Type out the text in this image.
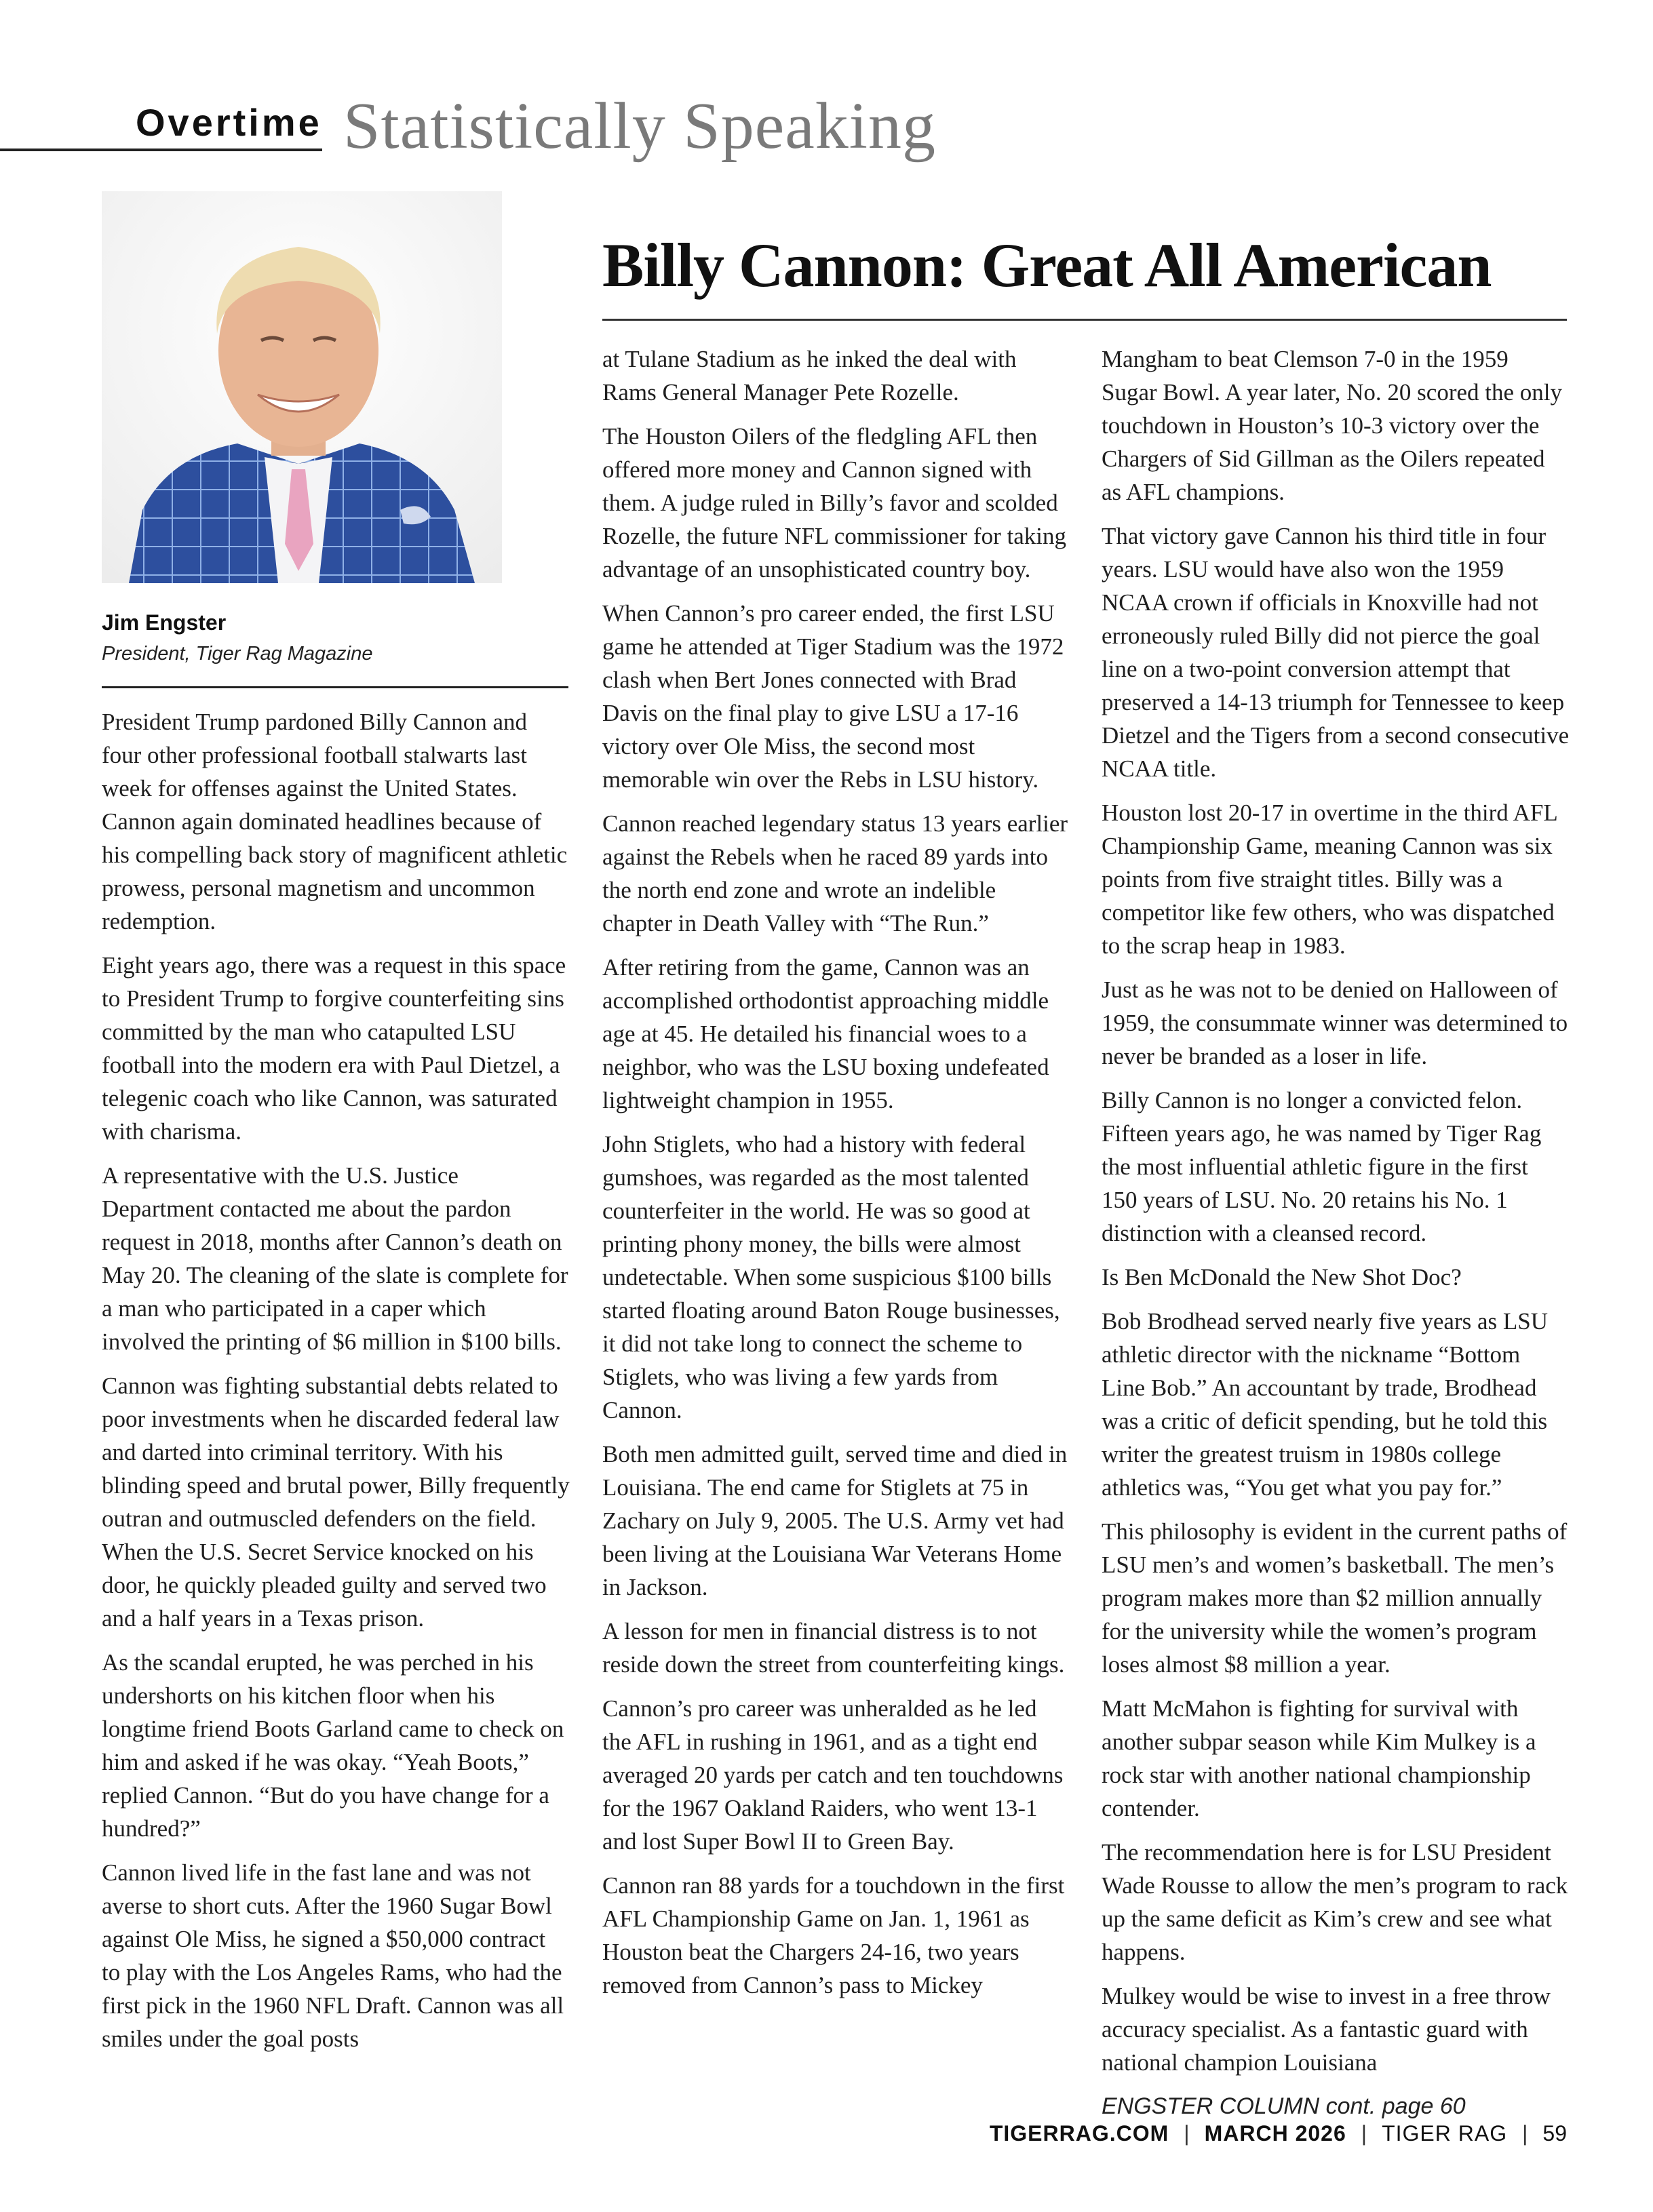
Overtime Statistically Speaking
Jim Engster
President, Tiger Rag Magazine
Billy Cannon: Great All American

President Trump pardoned Billy Cannon and four other professional football stalwarts last week for offenses against the United States. Cannon again dominated headlines because of his compelling back story of magnificent athletic prowess, personal magnetism and uncommon redemption.

Eight years ago, there was a request in this space to President Trump to forgive counterfeiting sins committed by the man who catapulted LSU football into the modern era with Paul Dietzel, a telegenic coach who like Cannon, was saturated with charisma.

A representative with the U.S. Justice Department contacted me about the pardon request in 2018, months after Cannon’s death on May 20. The cleaning of the slate is complete for a man who participated in a caper which involved the printing of $6 million in $100 bills.

Cannon was fighting substantial debts related to poor investments when he discarded federal law and darted into criminal territory. With his blinding speed and brutal power, Billy frequently outran and outmuscled defenders on the field. When the U.S. Secret Service knocked on his door, he quickly pleaded guilty and served two and a half years in a Texas prison.

As the scandal erupted, he was perched in his undershorts on his kitchen floor when his longtime friend Boots Garland came to check on him and asked if he was okay. “Yeah Boots,” replied Cannon. “But do you have change for a hundred?”

Cannon lived life in the fast lane and was not averse to short cuts. After the 1960 Sugar Bowl against Ole Miss, he signed a $50,000 contract to play with the Los Angeles Rams, who had the first pick in the 1960 NFL Draft. Cannon was all smiles under the goal posts

at Tulane Stadium as he inked the deal with Rams General Manager Pete Rozelle.

The Houston Oilers of the fledgling AFL then offered more money and Cannon signed with them. A judge ruled in Billy’s favor and scolded Rozelle, the future NFL commissioner for taking advantage of an unsophisticated country boy.

When Cannon’s pro career ended, the first LSU game he attended at Tiger Stadium was the 1972 clash when Bert Jones connected with Brad Davis on the final play to give LSU a 17-16 victory over Ole Miss, the second most memorable win over the Rebs in LSU history.

Cannon reached legendary status 13 years earlier against the Rebels when he raced 89 yards into the north end zone and wrote an indelible chapter in Death Valley with “The Run.”

After retiring from the game, Cannon was an accomplished orthodontist approaching middle age at 45. He detailed his financial woes to a neighbor, who was the LSU boxing undefeated lightweight champion in 1955.

John Stiglets, who had a history with federal gumshoes, was regarded as the most talented counterfeiter in the world. He was so good at printing phony money, the bills were almost undetectable. When some suspicious $100 bills started floating around Baton Rouge businesses, it did not take long to connect the scheme to Stiglets, who was living a few yards from Cannon.

Both men admitted guilt, served time and died in Louisiana. The end came for Stiglets at 75 in Zachary on July 9, 2005. The U.S. Army vet had been living at the Louisiana War Veterans Home in Jackson.

A lesson for men in financial distress is to not reside down the street from counterfeiting kings.

Cannon’s pro career was unheralded as he led the AFL in rushing in 1961, and as a tight end averaged 20 yards per catch and ten touchdowns for the 1967 Oakland Raiders, who went 13-1 and lost Super Bowl II to Green Bay.

Cannon ran 88 yards for a touchdown in the first AFL Championship Game on Jan. 1, 1961 as Houston beat the Chargers 24-16, two years removed from Cannon’s pass to Mickey

Mangham to beat Clemson 7-0 in the 1959 Sugar Bowl. A year later, No. 20 scored the only touchdown in Houston’s 10-3 victory over the Chargers of Sid Gillman as the Oilers repeated as AFL champions.

That victory gave Cannon his third title in four years. LSU would have also won the 1959 NCAA crown if officials in Knoxville had not erroneously ruled Billy did not pierce the goal line on a two-point conversion attempt that preserved a 14-13 triumph for Tennessee to keep Dietzel and the Tigers from a second consecutive NCAA title.

Houston lost 20-17 in overtime in the third AFL Championship Game, meaning Cannon was six points from five straight titles. Billy was a competitor like few others, who was dispatched to the scrap heap in 1983.

Just as he was not to be denied on Halloween of 1959, the consummate winner was determined to never be branded as a loser in life.

Billy Cannon is no longer a convicted felon. Fifteen years ago, he was named by Tiger Rag the most influential athletic figure in the first 150 years of LSU. No. 20 retains his No. 1 distinction with a cleansed record.

Is Ben McDonald the New Shot Doc?

Bob Brodhead served nearly five years as LSU athletic director with the nickname “Bottom Line Bob.” An accountant by trade, Brodhead was a critic of deficit spending, but he told this writer the greatest truism in 1980s college athletics was, “You get what you pay for.”

This philosophy is evident in the current paths of LSU men’s and women’s basketball. The men’s program makes more than $2 million annually for the university while the women’s program loses almost $8 million a year.

Matt McMahon is fighting for survival with another subpar season while Kim Mulkey is a rock star with another national championship contender.

The recommendation here is for LSU President Wade Rousse to allow the men’s program to rack up the same deficit as Kim’s crew and see what happens.

Mulkey would be wise to invest in a free throw accuracy specialist. As a fantastic guard with national champion Louisiana

ENGSTER COLUMN cont. page 60

TIGERRAG.COM | MARCH 2026 | TIGER RAG | 59
